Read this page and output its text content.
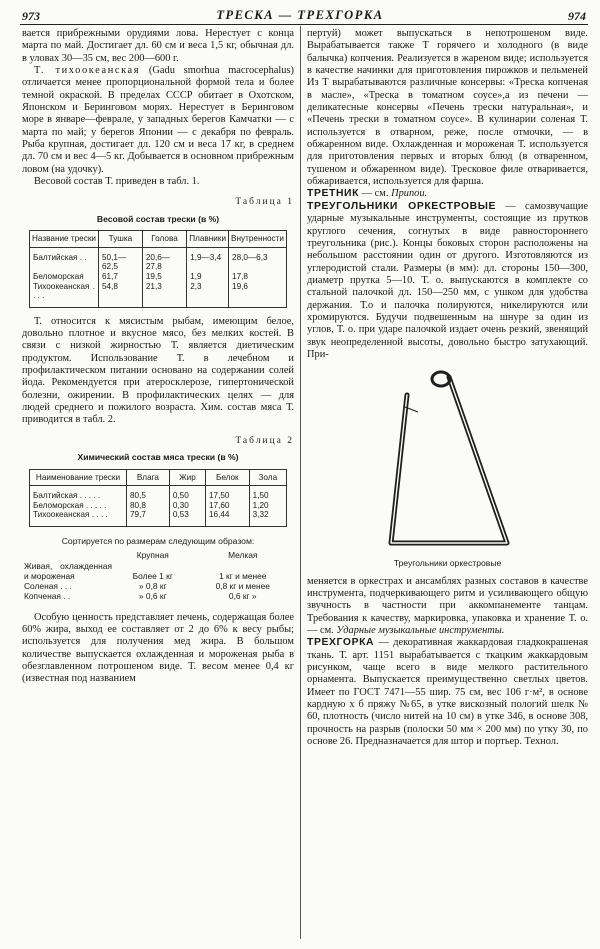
973	ТРЕСКА — ТРЕХГОРКА	974

вается прибрежными орудиями лова. Нерестует с конца марта по май. Достигает дл. 60 см и веса 1,5 кг, обычная дл. в уловах 30—35 см, вес 200—600 г.

Т. тихоокеанская (Gadu smorhua macrocephalus) отличается менее пропорциональной формой тела и более темной окраской. В пределах СССР обитает в Охотском, Японском и Беринговом морях. Нерестует в Беринговом море в январе—феврале, у западных берегов Камчатки — с марта по май; у берегов Японии — с декабря по февраль. Рыба крупная, достигает дл. 120 см и веса 17 кг, в среднем дл. 70 см и вес 4—5 кг. Добывается в основном прибрежным ловом (на удочку).

Весовой состав Т. приведен в табл. 1.

Таблица 1
Весовой состав трески (в %)
Название трески	Тушка	Голова	Плавники	Внутренности
Балтийская . .	50,1—62,5	20,6—27,8	1,9—3,4	28,0—6,3
Беломорская	61,7	19,5	1,9	17,8
Тихоокеанская . . . .	54,8	21,3	2,3	19,6

Т. относится к мясистым рыбам, имеющим белое, довольно плотное и вкусное мясо, без мелких костей. В связи с низкой жирностью Т. является диетическим продуктом. Использование Т. в лечебном и профилактическом питании основано на содержании солей йода. Рекомендуется при атеросклерозе, гипертонической болезни, ожирении. В профилактических целях — для людей среднего и пожилого возраста. Хим. состав мяса Т. приводится в табл. 2.

Таблица 2
Химический состав мяса трески (в %)
Наименование трески	Влага	Жир	Белок	Зола
Балтийская . . . . .	80,5	0,50	17,50	1,50
Беломорская . . . . .	80,8	0,30	17,60	1,20
Тихоокеанская . . . .	79,7	0,53	16,44	3,32
Сортируется по размерам следующим образом:
	Крупная	Мелкая
Живая, охлажденная и мороженая	Более 1 кг	1 кг и менее
Соленая . . .	» 0,8 кг	0,8 кг и менее
Копченая . .	» 0,6 кг	0,6 кг »

Особую ценность представляет печень, содержащая более 60% жира, выход ее составляет от 2 до 6% к весу рыбы; используется для получения мед жира. В большом количестве выпускается охлажденная и мороженая рыба в обезглавленном потрошеном виде. Т. весом менее 0,4 кг (известная под названием

пертуй) может выпускаться в непотрошеном виде. Вырабатывается также Т горячего и холодного (в виде балычка) копчения. Реализуется в жареном виде; используется в качестве начинки для приготовления пирожков и пельменей Из Т вырабатываются различные консервы: «Треска копченая в масле», «Треска в томатном соусе»,а из печени — деликатесные консервы «Печень трески натуральная», и «Печень трески в томатном соусе». В кулинарии соленая Т. используется в отварном, реже, после отмочки, — в обжаренном виде. Охлажденная и мороженая Т. используется для приготовления первых и вторых блюд (в отваренном, тушеном и обжаренном виде). Тресковое филе отваривается, обжаривается, используется для фарша.

ТРЕТНИК — см. Припои.

ТРЕУГОЛЬНИКИ ОРКЕСТРОВЫЕ — самозвучащие ударные музыкальные инструменты, состоящие из прутков круглого сечения, согнутых в виде равностороннего треугольника (рис.). Концы боковых сторон расположены на небольшом расстоянии один от другого. Изготовляются из углеродистой стали. Размеры (в мм): дл. стороны 150—300, диаметр прутка 5—10. Т. о. выпускаются в комплекте со стальной палочкой дл. 150—250 мм, с ушком для удобства держания. Т.о и палочка полируются, никелируются или хромируются. Будучи подвешенным на шнуре за один из углов, Т. о. при ударе палочкой издает очень резкий, звенящий звук неопределенной высоты, довольно быстро затухающий. При-

Треугольники оркестровые

меняется в оркестрах и ансамблях разных составов в качестве инструмента, подчеркивающего ритм и усиливающего общую звучность в частности при аккомпанементе танцам. Требования к качеству, маркировка, упаковка и хранение Т. о. — см. Ударные музыкальные инструменты.

ТРЕХГОРКА — декоративная жаккардовая гладкокрашеная ткань. Т. арт. 1151 вырабатывается с ткацким жаккардовым рисунком, чаще всего в виде мелкого растительного орнамента. Выпускается преимущественно светлых цветов. Имеет по ГОСТ 7471—55 шир. 75 см, вес 106 г·м², в основе кардную х б пряжу №65, в утке вискозный пологий шелк № 60, плотность (число нитей на 10 см) в утке 346, в основе 308, прочность на разрыв (полоски 50 мм × 200 мм) по утку 30, по основе 26. Предназначается для штор и портьер. Технол.
